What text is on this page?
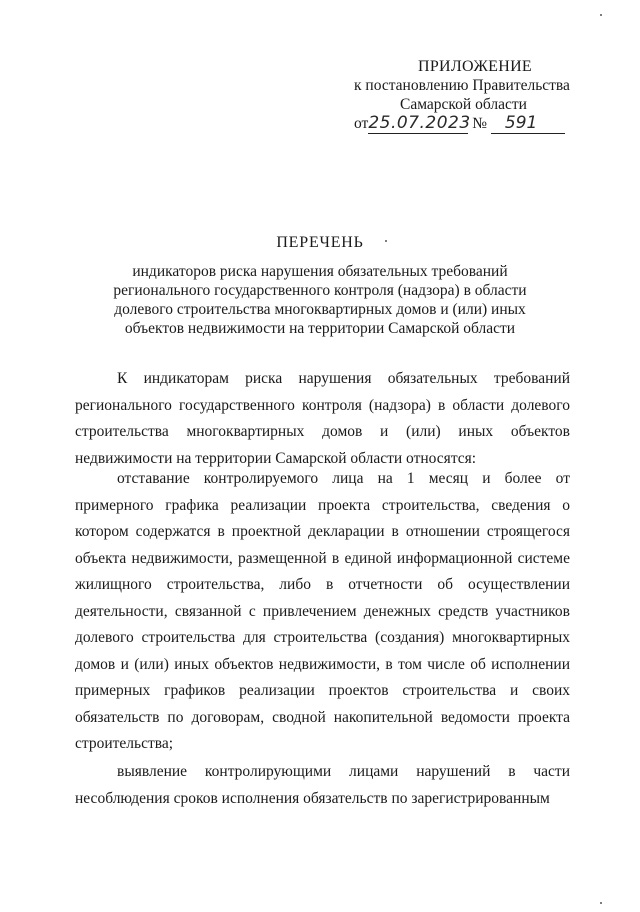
ПРИЛОЖЕНИЕ
к постановлению Правительства
Самарской области
от25.07.2023 № 591
ПЕРЕЧЕНЬ
индикаторов риска нарушения обязательных требований регионального государственного контроля (надзора) в области долевого строительства многоквартирных домов и (или) иных объектов недвижимости на территории Самарской области

К индикаторам риска нарушения обязательных требований регионального государственного контроля (надзора) в области долевого строительства многоквартирных домов и (или) иных объектов недвижимости на территории Самарской области относятся:

отставание контролируемого лица на 1 месяц и более от примерного графика реализации проекта строительства, сведения о котором содержатся в проектной декларации в отношении строящегося объекта недвижимости, размещенной в единой информационной системе жилищного строительства, либо в отчетности об осуществлении деятельности, связанной с привлечением денежных средств участников долевого строительства для строительства (создания) многоквартирных домов и (или) иных объектов недвижимости, в том числе об исполнении примерных графиков реализации проектов строительства и своих обязательств по договорам, сводной накопительной ведомости проекта строительства;

выявление контролирующими лицами нарушений в части несоблюдения сроков исполнения обязательств по зарегистрированным
